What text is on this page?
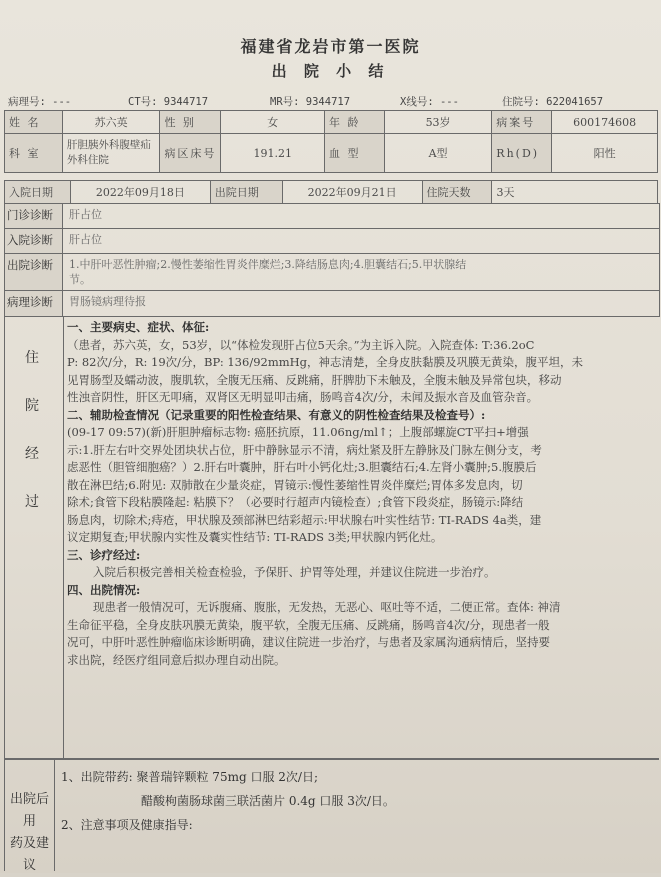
福建省龙岩市第一医院
出 院 小 结
病理号: ---	CT号: 9344717	MR号: 9344717	X线号: ---	住院号: 622041657
姓 名	苏六英	性 别	女	年 龄	53岁	病案号	600174608
科 室	肝胆胰外科腹壁疝外科住院	病区床号	191.21	血 型	A型	Rh(D)	阳性
入院日期	2022年09月18日	出院日期	2022年09月21日	住院天数	3天
门诊诊断	肝占位
入院诊断	肝占位
出院诊断	1.中肝叶恶性肿瘤;2.慢性萎缩性胃炎伴糜烂;3.降结肠息肉;4.胆囊结石;5.甲状腺结
节。
病理诊断	胃肠镜病理待报
住
院
经
过
一、主要病史、症状、体征:
（患者，苏六英，女，53岁，以“体检发现肝占位5天余。”为主诉入院。入院查体: T:36.2oC
P: 82次/分，R: 19次/分，BP: 136/92mmHg，神志清楚，全身皮肤黏膜及巩膜无黄染，腹平坦，未
见胃肠型及蠕动波，腹肌软，全腹无压痛、反跳痛，肝脾肋下未触及，全腹未触及异常包块，移动
性浊音阴性，肝区无叩痛，双肾区无明显叩击痛，肠鸣音4次/分，未闻及振水音及血管杂音。
二、辅助检查情况（记录重要的阳性检查结果、有意义的阴性检查结果及检查号）:
(09-17 09:57)(新)肝胆肿瘤标志物: 癌胚抗原，11.06ng/ml↑；上腹部螺旋CT平扫+增强
示:1.肝左右叶交界处团块状占位，肝中静脉显示不清，病灶紧及肝左静脉及门脉左侧分支，考
虑恶性（胆管细胞癌？）2.肝右叶囊肿，肝右叶小钙化灶;3.胆囊结石;4.左肾小囊肿;5.腹膜后
散在淋巴结;6.附见: 双肺散在少量炎症，胃镜示:慢性萎缩性胃炎伴糜烂;胃体多发息肉，切
除术;食管下段粘膜隆起: 粘膜下？（必要时行超声内镜检查）;食管下段炎症，肠镜示:降结
肠息肉，切除术;痔疮，甲状腺及颈部淋巴结彩超示:甲状腺右叶实性结节: TI-RADS 4a类，建
议定期复查;甲状腺内实性及囊实性结节: TI-RADS 3类;甲状腺内钙化灶。
三、诊疗经过:
入院后积极完善相关检查检验，予保肝、护胃等处理，并建议住院进一步治疗。
四、出院情况:
现患者一般情况可，无诉腹痛、腹胀，无发热，无恶心、呕吐等不适，二便正常。查体: 神清
生命征平稳，全身皮肤巩膜无黄染，腹平软，全腹无压痛、反跳痛，肠鸣音4次/分，现患者一般
况可，中肝叶恶性肿瘤临床诊断明确，建议住院进一步治疗，与患者及家属沟通病情后，坚持要
求出院，经医疗组同意后拟办理自动出院。
出院后用
药及建议
1、出院带药: 聚普瑞锌颗粒 75mg 口服 2次/日;
醋酸枸菌肠球菌三联活菌片 0.4g 口服 3次/日。
2、注意事项及健康指导:
